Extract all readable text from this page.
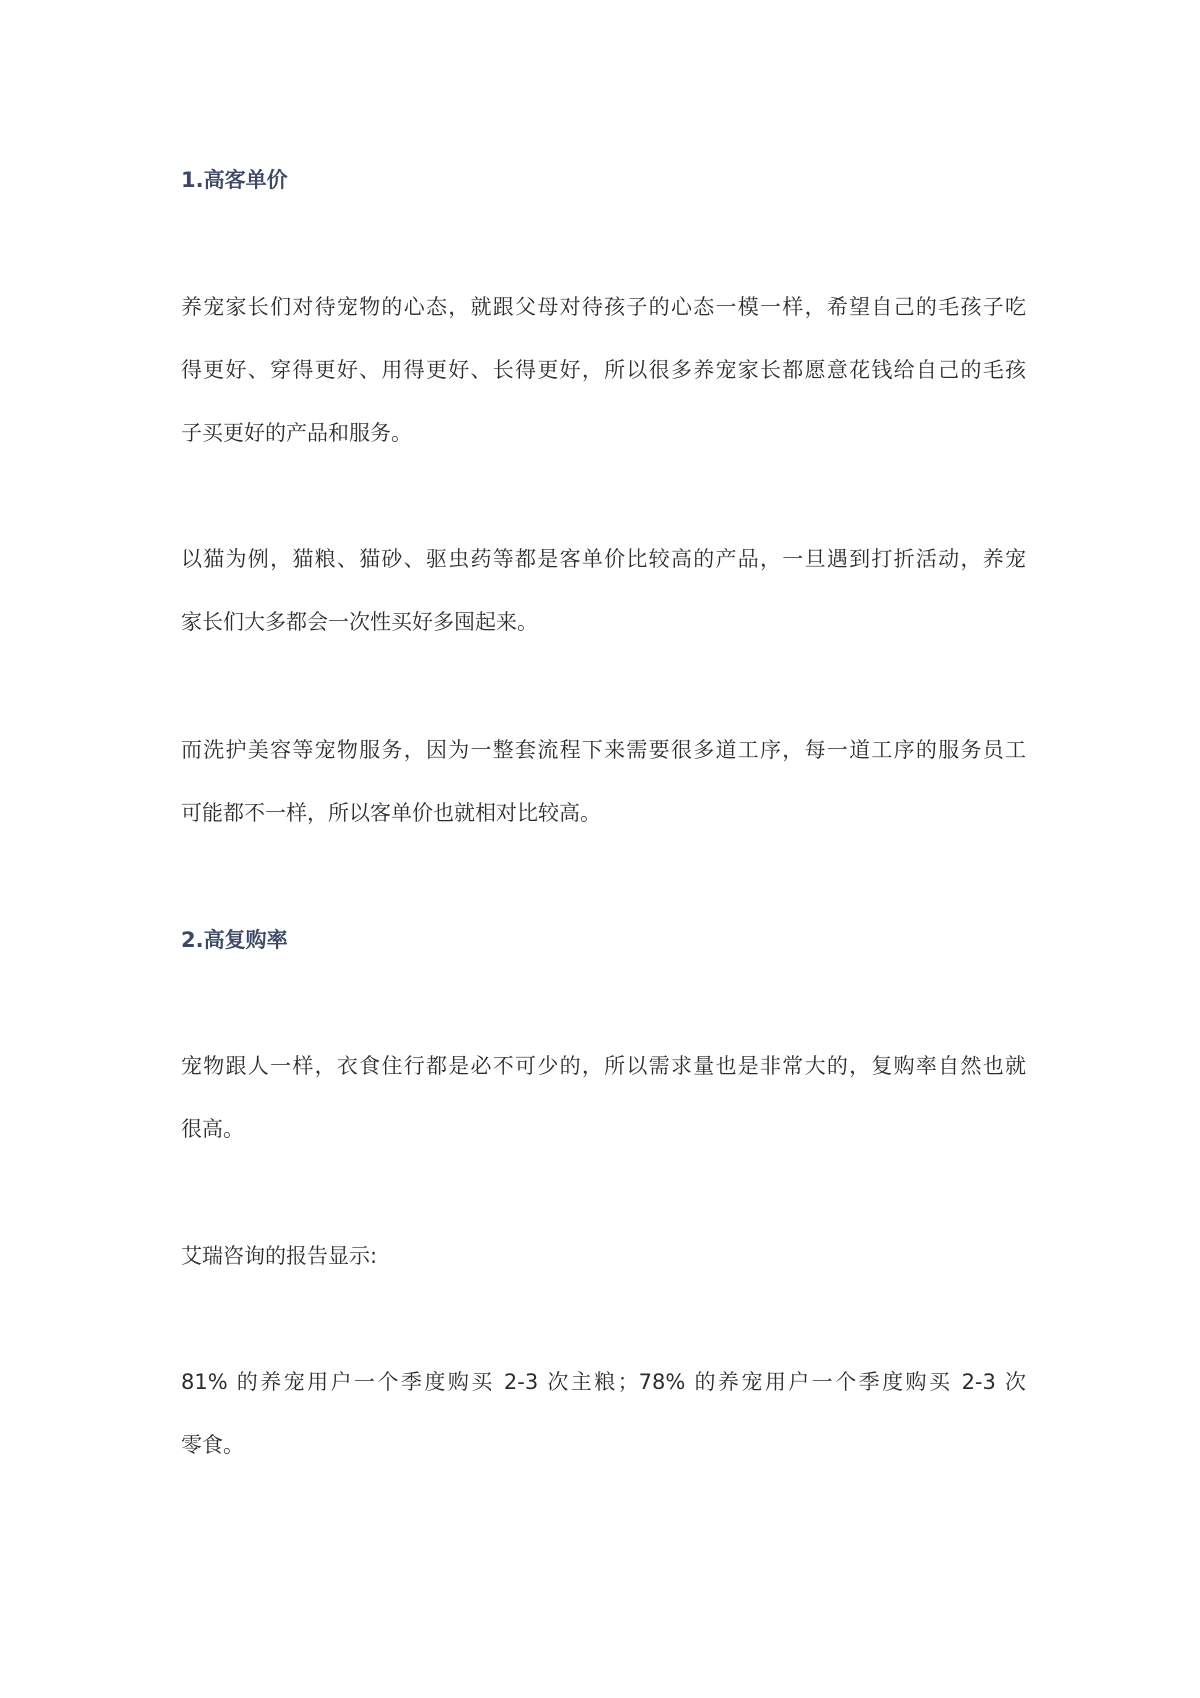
1.高客单价

养宠家长们对待宠物的心态，就跟父母对待孩子的心态一模一样，希望自己的毛孩子吃
得更好、穿得更好、用得更好、长得更好，所以很多养宠家长都愿意花钱给自己的毛孩
子买更好的产品和服务。

以猫为例，猫粮、猫砂、驱虫药等都是客单价比较高的产品，一旦遇到打折活动，养宠
家长们大多都会一次性买好多囤起来。

而洗护美容等宠物服务，因为一整套流程下来需要很多道工序，每一道工序的服务员工
可能都不一样，所以客单价也就相对比较高。

2.高复购率

宠物跟人一样，衣食住行都是必不可少的，所以需求量也是非常大的，复购率自然也就
很高。

艾瑞咨询的报告显示:

81% 的养宠用户一个季度购买 2-3 次主粮；78% 的养宠用户一个季度购买 2-3 次
零食。
